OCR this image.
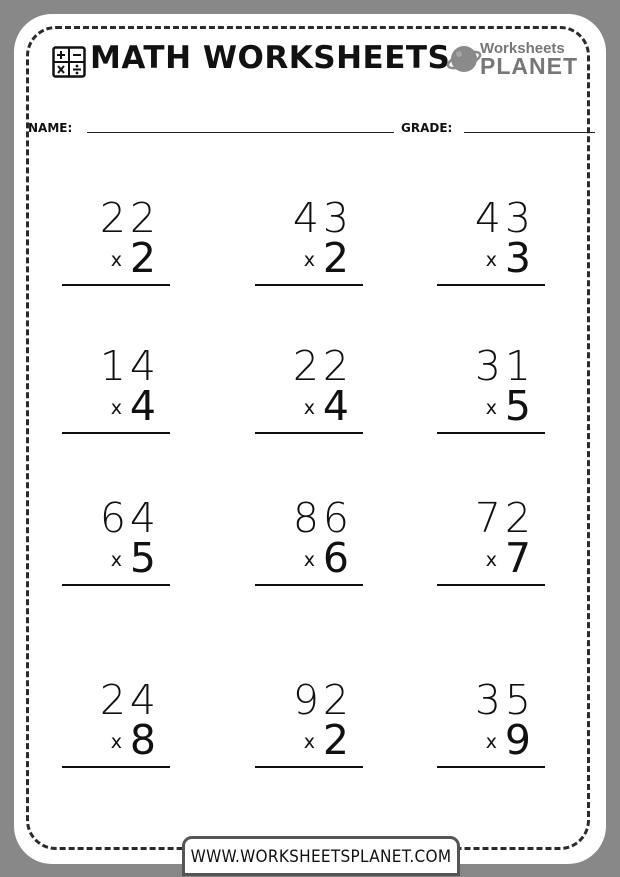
MATH WORKSHEETS Worksheets
PLANET
NAME:	GRADE:
22
x 2
43
x 2
43
x 3
14
x 4
22
x 4
31
x 5
64
x 5
86
x 6
72
x 7
24
x 8
92
x 2
35
x 9
WWW.WORKSHEETSPLANET.COM
